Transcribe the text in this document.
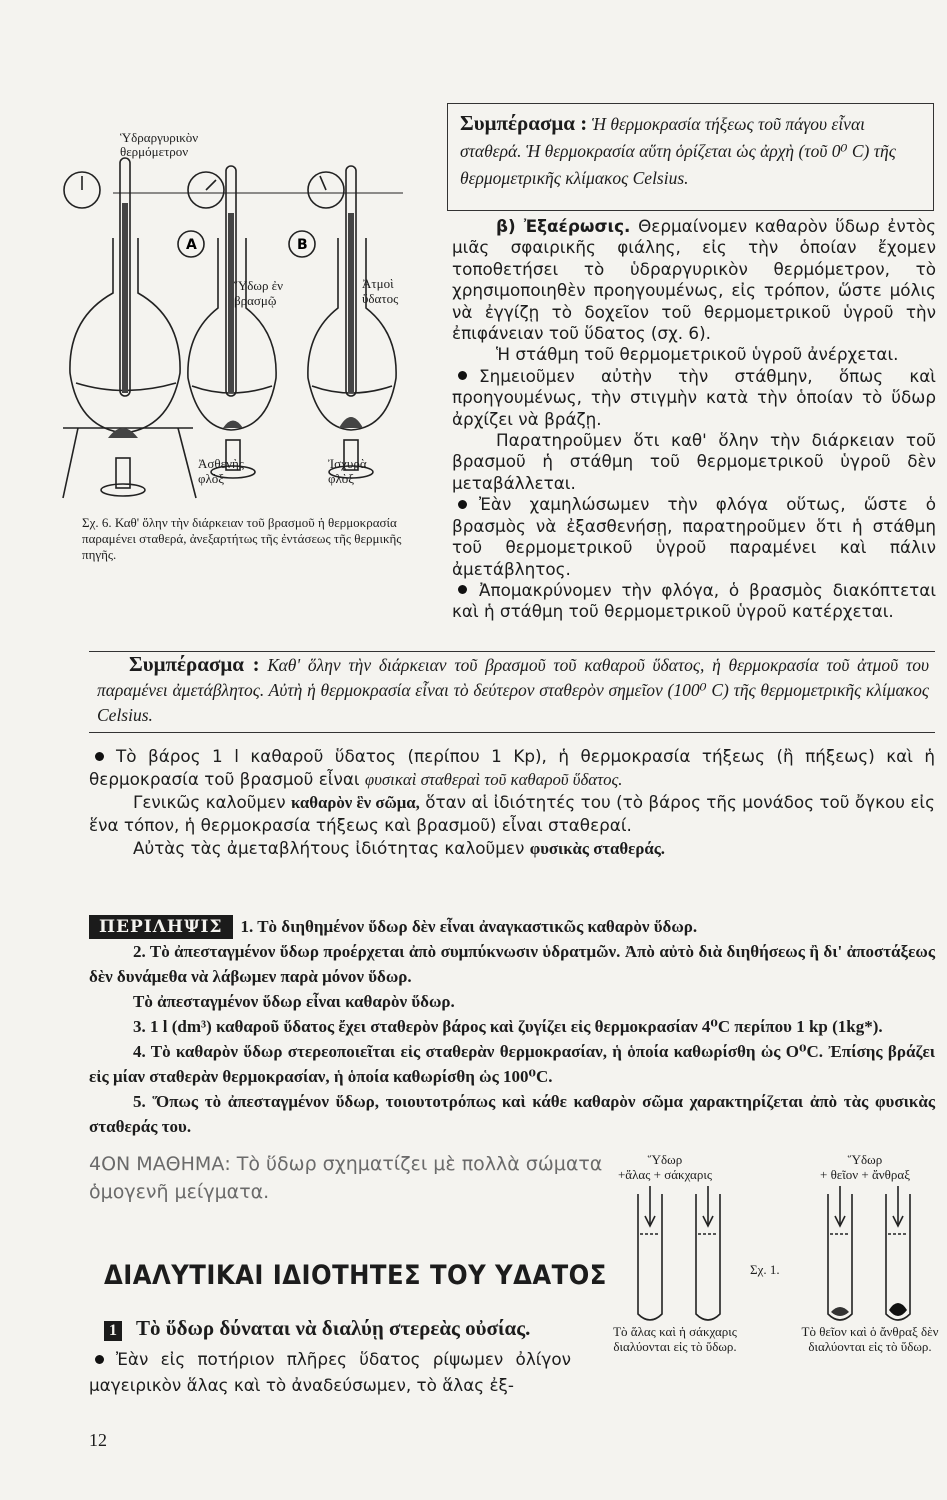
A	B
Ὑδραργυρικὸν θερμόμετρον
Ὕδωρ ἐν βρασμῷ
Ἀτμοὶ ὕδατος
Ἀσθενὴς φλὸξ
Ἰσχυρὰ φλὸξ
Σχ. 6. Καθ' ὅλην τὴν διάρκειαν τοῦ βρασμοῦ ἡ θερμοκρασία παραμένει σταθερά, ἀνεξαρτήτως τῆς ἐντάσεως τῆς θερμικῆς πηγῆς.
Συμπέρασμα : Ἡ θερμοκρασία τήξεως τοῦ πάγου εἶναι σταθερά. Ἡ θερμοκρασία αὕτη ὁρίζεται ὡς ἀρχὴ (τοῦ 0⁰ C) τῆς θερμομετρικῆς κλίμακος Celsius.

β) Ἐξαέρωσις. Θερμαίνομεν καθαρὸν ὕδωρ ἐντὸς μιᾶς σφαιρικῆς φιάλης, εἰς τὴν ὁποίαν ἔχομεν τοποθετήσει τὸ ὑδραργυρικὸν θερμόμετρον, τὸ χρησιμοποιηθὲν προηγουμένως, εἰς τρόπον, ὥστε μόλις νὰ ἐγγίζῃ τὸ δοχεῖον τοῦ θερμομετρικοῦ ὑγροῦ τὴν ἐπιφάνειαν τοῦ ὕδατος (σχ. 6).

Ἡ στάθμη τοῦ θερμομετρικοῦ ὑγροῦ ἀνέρχεται.

Σημειοῦμεν αὐτὴν τὴν στάθμην, ὅπως καὶ προηγουμένως, τὴν στιγμὴν κατὰ τὴν ὁποίαν τὸ ὕδωρ ἀρχίζει νὰ βράζῃ.

Παρατηροῦμεν ὅτι καθ' ὅλην τὴν διάρκειαν τοῦ βρασμοῦ ἡ στάθμη τοῦ θερμομετρικοῦ ὑγροῦ δὲν μεταβάλλεται.

Ἐὰν χαμηλώσωμεν τὴν φλόγα οὕτως, ὥστε ὁ βρασμὸς νὰ ἐξασθενήσῃ, παρατηροῦμεν ὅτι ἡ στάθμη τοῦ θερμομετρικοῦ ὑγροῦ παραμένει καὶ πάλιν ἀμετάβλητος.

Ἀπομακρύνομεν τὴν φλόγα, ὁ βρασμὸς διακόπτεται καὶ ἡ στάθμη τοῦ θερμομετρικοῦ ὑγροῦ κατέρχεται.

Συμπέρασμα : Καθ' ὅλην τὴν διάρκειαν τοῦ βρασμοῦ τοῦ καθαροῦ ὕδατος, ἡ θερμοκρασία τοῦ ἀτμοῦ του παραμένει ἀμετάβλητος. Αὐτὴ ἡ θερμοκρασία εἶναι τὸ δεύτερον σταθερὸν σημεῖον (100⁰ C) τῆς θερμομετρικῆς κλίμακος Celsius.

Τὸ βάρος 1 l καθαροῦ ὕδατος (περίπου 1 Kp), ἡ θερμοκρασία τήξεως (ἢ πήξεως) καὶ ἡ θερμοκρασία τοῦ βρασμοῦ εἶναι φυσικαὶ σταθεραὶ τοῦ καθαροῦ ὕδατος.

Γενικῶς καλοῦμεν καθαρὸν ἓν σῶμα, ὅταν αἱ ἰδιότητές του (τὸ βάρος τῆς μονάδος τοῦ ὄγκου εἰς ἕνα τόπον, ἡ θερμοκρασία τήξεως καὶ βρασμοῦ) εἶναι σταθεραί.

Αὐτὰς τὰς ἀμεταβλήτους ἰδιότητας καλοῦμεν φυσικὰς σταθεράς.

ΠΕΡΙΛΗΨΙΣ 1. Τὸ διηθημένον ὕδωρ δὲν εἶναι ἀναγκαστικῶς καθαρὸν ὕδωρ.

2. Τὸ ἀπεσταγμένον ὕδωρ προέρχεται ἀπὸ συμπύκνωσιν ὑδρατμῶν. Ἀπὸ αὐτὸ διὰ διηθήσεως ἢ δι' ἀποστάξεως δὲν δυνάμεθα νὰ λάβωμεν παρὰ μόνον ὕδωρ.

Τὸ ἀπεσταγμένον ὕδωρ εἶναι καθαρὸν ὕδωρ.

3. 1 l (dm³) καθαροῦ ὕδατος ἔχει σταθερὸν βάρος καὶ ζυγίζει εἰς θερμοκρασίαν 4⁰C περίπου 1 kp (1kg*).

4. Τὸ καθαρὸν ὕδωρ στερεοποιεῖται εἰς σταθερὰν θερμοκρασίαν, ἡ ὁποία καθωρίσθη ὡς O⁰C. Ἐπίσης βράζει εἰς μίαν σταθερὰν θερμοκρασίαν, ἡ ὁποία καθωρίσθη ὡς 100⁰C.

5. Ὅπως τὸ ἀπεσταγμένον ὕδωρ, τοιουτοτρόπως καὶ κάθε καθαρὸν σῶμα χαρακτηρίζεται ἀπὸ τὰς φυσικὰς σταθεράς του.

4ΟΝ ΜΑΘΗΜΑ: Τὸ ὕδωρ σχηματίζει μὲ πολλὰ σώματα ὁμογενῆ μείγματα.
ΔΙΑΛΥΤΙΚΑΙ ΙΔΙΟΤΗΤΕΣ ΤΟΥ ΥΔΑΤΟΣ
1 Τὸ ὕδωρ δύναται νὰ διαλύῃ στερεὰς οὐσίας.
Ἐὰν εἰς ποτήριον πλῆρες ὕδατος ρίψωμεν ὀλίγον μαγειρικὸν ἅλας καὶ τὸ ἀναδεύσωμεν, τὸ ἅλας ἐξ-
Ὕδωρ
+ἅλας + σάκχαρις
Ὕδωρ
+ θεῖον + ἄνθραξ
Σχ. 1.
Τὸ ἅλας καὶ ἡ σάκχαρις διαλύονται εἰς τὸ ὕδωρ.
Τὸ θεῖον καὶ ὁ ἄνθραξ δὲν διαλύονται εἰς τὸ ὕδωρ.
12
